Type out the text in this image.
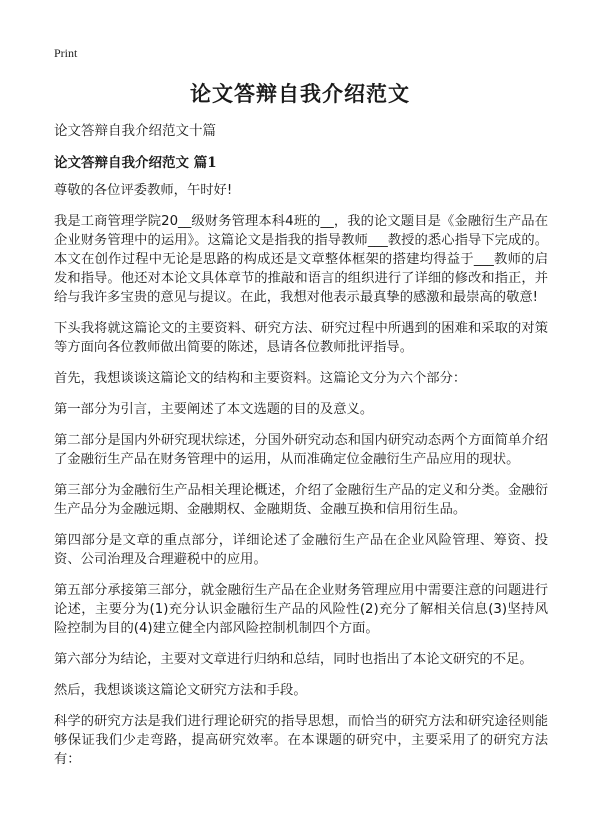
Print
论文答辩自我介绍范文
论文答辩自我介绍范文十篇
论文答辩自我介绍范文 篇1

尊敬的各位评委教师，午时好!

我是工商管理学院20__级财务管理本科4班的__，我的论文题目是《金融衍生产品在企业财务管理中的运用》。这篇论文是指我的指导教师___教授的悉心指导下完成的。本文在创作过程中无论是思路的构成还是文章整体框架的搭建均得益于___教师的启发和指导。他还对本论文具体章节的推敲和语言的组织进行了详细的修改和指正，并给与我许多宝贵的意见与提议。在此，我想对他表示最真挚的感激和最崇高的敬意!

下头我将就这篇论文的主要资料、研究方法、研究过程中所遇到的困难和采取的对策等方面向各位教师做出简要的陈述，恳请各位教师批评指导。

首先，我想谈谈这篇论文的结构和主要资料。这篇论文分为六个部分：

第一部分为引言，主要阐述了本文选题的目的及意义。

第二部分是国内外研究现状综述，分国外研究动态和国内研究动态两个方面简单介绍了金融衍生产品在财务管理中的运用，从而准确定位金融衍生产品应用的现状。

第三部分为金融衍生产品相关理论概述，介绍了金融衍生产品的定义和分类。金融衍生产品分为金融远期、金融期权、金融期货、金融互换和信用衍生品。

第四部分是文章的重点部分，详细论述了金融衍生产品在企业风险管理、筹资、投资、公司治理及合理避税中的应用。

第五部分承接第三部分，就金融衍生产品在企业财务管理应用中需要注意的问题进行论述，主要分为(1)充分认识金融衍生产品的风险性(2)充分了解相关信息(3)坚持风险控制为目的(4)建立健全内部风险控制机制四个方面。

第六部分为结论，主要对文章进行归纳和总结，同时也指出了本论文研究的不足。

然后，我想谈谈这篇论文研究方法和手段。

科学的研究方法是我们进行理论研究的指导思想，而恰当的研究方法和研究途径则能够保证我们少走弯路，提高研究效率。在本课题的研究中，主要采用了的研究方法有：
